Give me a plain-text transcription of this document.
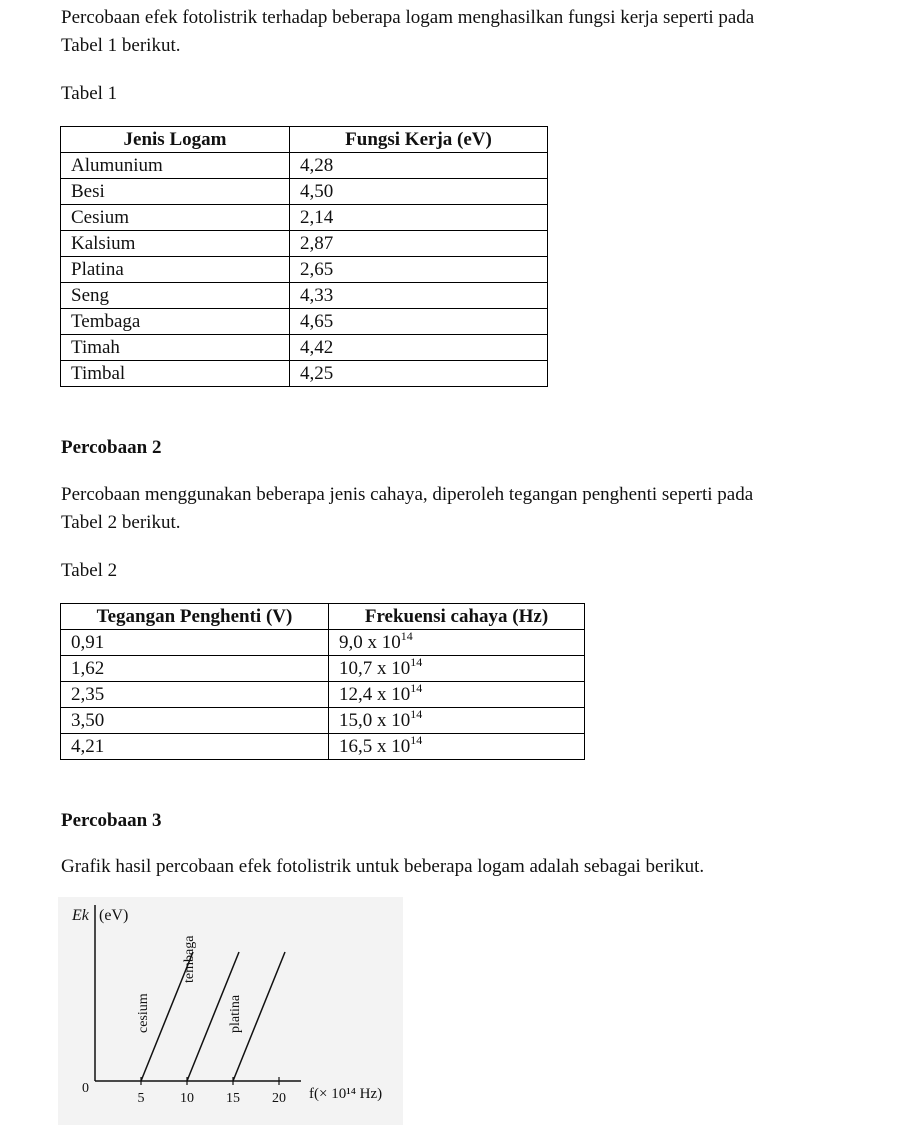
Percobaan efek fotolistrik terhadap beberapa logam menghasilkan fungsi kerja seperti pada
Tabel 1 berikut.

Tabel 1

Jenis Logam	Fungsi Kerja (eV)
Alumunium	4,28
Besi	4,50
Cesium	2,14
Kalsium	2,87
Platina	2,65
Seng	4,33
Tembaga	4,65
Timah	4,42
Timbal	4,25

Percobaan 2

Percobaan menggunakan beberapa jenis cahaya, diperoleh tegangan penghenti seperti pada
Tabel 2 berikut.

Tabel 2

Tegangan Penghenti (V)	Frekuensi cahaya (Hz)
0,91	9,0 x $10^{14}$
1,62	10,7 x $10^{14}$
2,35	12,4 x $10^{14}$
3,50	15,0 x $10^{14}$
4,21	16,5 x $10^{14}$

Percobaan 3

Grafik hasil percobaan efek fotolistrik untuk beberapa logam adalah sebagai berikut.

Ek (eV)
0
5	10 15 20 f(× 10¹⁴ Hz)
cesium
tembaga
platina
